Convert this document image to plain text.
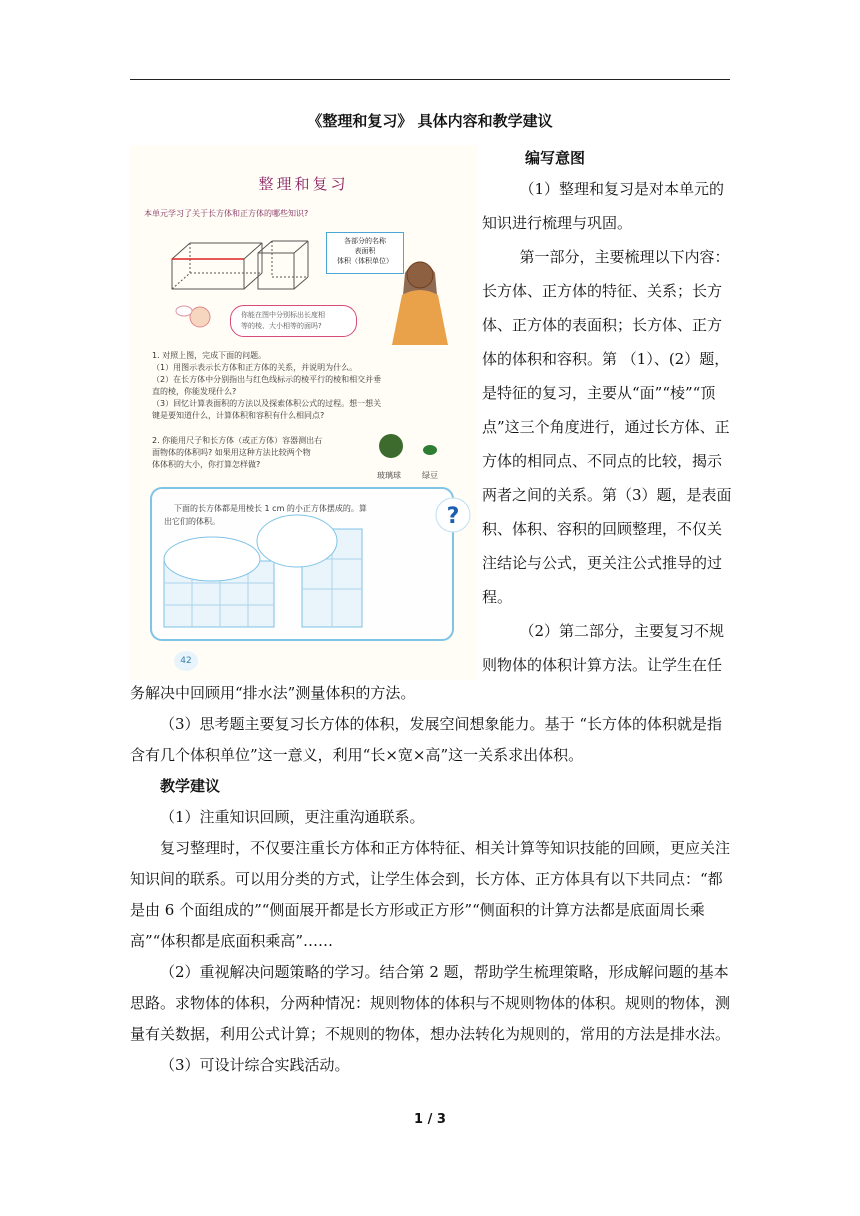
《整理和复习》 具体内容和教学建议
整理和复习
本单元学习了关于长方体和正方体的哪些知识?
各部分的名称
表面积
体积（体积单位）
你能在图中分别标出长度相
等的棱、大小相等的面吗?
1. 对照上图，完成下面的问题。
（1）用图示表示长方体和正方体的关系，并说明为什么。
（2）在长方体中分别指出与红色线标示的棱平行的棱和相交并垂
直的棱，你能发现什么?
（3）回忆计算表面积的方法以及探索体积公式的过程。想一想关
键是要知道什么，计算体积和容积有什么相同点?
2. 你能用尺子和长方体（或正方体）容器测出右
面物体的体积吗? 如果用这种方法比较两个物
体体积的大小，你打算怎样做?
玻璃球	绿豆
下面的长方体都是用棱长 1 cm 的小正方体摆成的。算
出它们的体积。	?
42
编写意图

（1）整理和复习是对本单元的知识进行梳理与巩固。

第一部分，主要梳理以下内容：长方体、正方体的特征、关系；长方体、正方体的表面积；长方体、正方体的体积和容积。第 （1）、(2）题，是特征的复习，主要从“面”“棱”“顶点”这三个角度进行，通过长方体、正方体的相同点、不同点的比较，揭示两者之间的关系。第（3）题，是表面积、体积、容积的回顾整理，不仅关注结论与公式，更关注公式推导的过程。

（2）第二部分，主要复习不规则物体的体积计算方法。让学生在任

务解决中回顾用“排水法”测量体积的方法。

（3）思考题主要复习长方体的体积，发展空间想象能力。基于 “长方体的体积就是指含有几个体积单位”这一意义，利用“长×宽×高”这一关系求出体积。

教学建议

（1）注重知识回顾，更注重沟通联系。

复习整理时，不仅要注重长方体和正方体特征、相关计算等知识技能的回顾，更应关注知识间的联系。可以用分类的方式，让学生体会到，长方体、正方体具有以下共同点：“都是由 6 个面组成的”“侧面展开都是长方形或正方形”“侧面积的计算方法都是底面周长乘高”“体积都是底面积乘高”……

（2）重视解决问题策略的学习。结合第 2 题，帮助学生梳理策略，形成解问题的基本思路。求物体的体积，分两种情况：规则物体的体积与不规则物体的体积。规则的物体，测量有关数据，利用公式计算；不规则的物体，想办法转化为规则的，常用的方法是排水法。

（3）可设计综合实践活动。

1 / 3
